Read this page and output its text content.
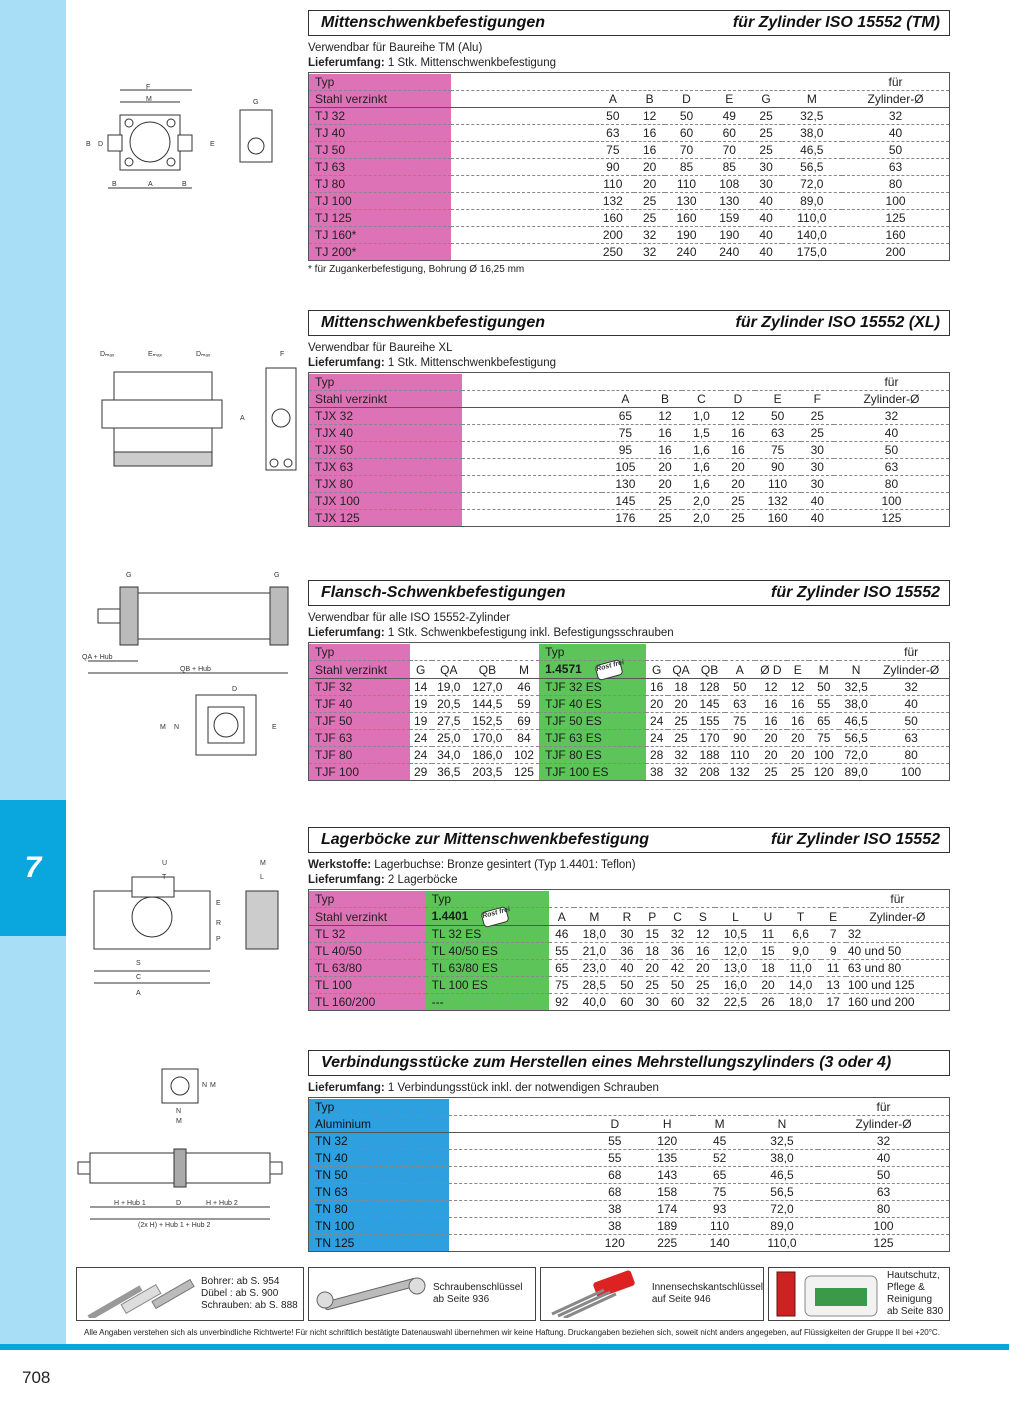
7
Mittenschwenkbefestigungen	für Zylinder ISO 15552 (TM)
Verwendbar für Baureihe TM (Alu)
Lieferumfang: 1 Stk. Mittenschwenkbefestigung
Typ								für
Stahl verzinkt		A	B	D	E	G	M	Zylinder-Ø
TJ 32		50	12	50	49	25	32,5	32
TJ 40		63	16	60	60	25	38,0	40
TJ 50		75	16	70	70	25	46,5	50
TJ 63		90	20	85	85	30	56,5	63
TJ 80		110	20	110	108	30	72,0	80
TJ 100		132	25	130	130	40	89,0	100
TJ 125		160	25	160	159	40	110,0	125
TJ 160*		200	32	190	190	40	140,0	160
TJ 200*		250	32	240	240	40	175,0	200
* für Zugankerbefestigung, Bohrung Ø 16,25 mm
Mittenschwenkbefestigungen	für Zylinder ISO 15552 (XL)
Verwendbar für Baureihe XL
Lieferumfang: 1 Stk. Mittenschwenkbefestigung
Typ								für
Stahl verzinkt		A	B	C	D	E	F	Zylinder-Ø
TJX 32		65	12	1,0	12	50	25	32
TJX 40		75	16	1,5	16	63	25	40
TJX 50		95	16	1,6	16	75	30	50
TJX 63		105	20	1,6	20	90	30	63
TJX 80		130	20	1,6	20	110	30	80
TJX 100		145	25	2,0	25	132	40	100
TJX 125		176	25	2,0	25	160	40	125
Flansch-Schwenkbefestigungen	für Zylinder ISO 15552
Verwendbar für alle ISO 15552-Zylinder
Lieferumfang: 1 Stk. Schwenkbefestigung inkl. Befestigungsschrauben
Typ					Typ									für
Stahl verzinkt	G	QA	QB	M	1.4571 Rost frei	G	QA	QB	A	Ø D	E	M	N	Zylinder-Ø
TJF 32	14	19,0	127,0	46	TJF 32 ES	16	18	128	50	12	12	50	32,5	32
TJF 40	19	20,5	144,5	59	TJF 40 ES	20	20	145	63	16	16	55	38,0	40
TJF 50	19	27,5	152,5	69	TJF 50 ES	24	25	155	75	16	16	65	46,5	50
TJF 63	24	25,0	170,0	84	TJF 63 ES	24	25	170	90	20	20	75	56,5	63
TJF 80	24	34,0	186,0	102	TJF 80 ES	28	32	188	110	20	20	100	72,0	80
TJF 100	29	36,5	203,5	125	TJF 100 ES	38	32	208	132	25	25	120	89,0	100
Lagerböcke zur Mittenschwenkbefestigung	für Zylinder ISO 15552
Werkstoffe: Lagerbuchse: Bronze gesintert (Typ 1.4401: Teflon)
Lieferumfang: 2 Lagerböcke
Typ	Typ											für
Stahl verzinkt	1.4401 Rost frei	A	M	R	P	C	S	L	U	T	E	Zylinder-Ø
TL 32	TL 32 ES	46	18,0	30	15	32	12	10,5	11	6,6	7	32
TL 40/50	TL 40/50 ES	55	21,0	36	18	36	16	12,0	15	9,0	9	40 und 50
TL 63/80	TL 63/80 ES	65	23,0	40	20	42	20	13,0	18	11,0	11	63 und 80
TL 100	TL 100 ES	75	28,5	50	25	50	25	16,0	20	14,0	13	100 und 125
TL 160/200	---	92	40,0	60	30	60	32	22,5	26	18,0	17	160 und 200
Verbindungsstücke zum Herstellen eines Mehrstellungszylinders (3 oder 4)
Lieferumfang: 1 Verbindungsstück inkl. der notwendigen Schrauben
Typ						für
Aluminium		D	H	M	N	Zylinder-Ø
TN 32		55	120	45	32,5	32
TN 40		55	135	52	38,0	40
TN 50		68	143	65	46,5	50
TN 63		68	158	75	56,5	63
TN 80		38	174	93	72,0	80
TN 100		38	189	110	89,0	100
TN 125		120	225	140	110,0	125
F
M	G
B D	E
B	A	B
Dₘₐₓ	Eₘₐₓ	Dₘₐₓ	F
A
G	G
QA + Hub
QB + Hub
D
M N	E
U
T
M
L
E
R
P
S
C
A
N M
N
M
H + Hub 1	D	H + Hub 2
(2x H) + Hub 1 + Hub 2
Bohrer: ab S. 954
Dübel : ab S. 900
Schrauben: ab S. 888
Schraubenschlüssel
ab Seite 936
Innensechskantschlüssel
auf Seite 946
Hautschutz,
Pflege & Reinigung
ab Seite 830
Alle Angaben verstehen sich als unverbindliche Richtwerte! Für nicht schriftlich bestätigte Datenauswahl übernehmen wir keine Haftung. Druckangaben beziehen sich, soweit nicht anders angegeben, auf Flüssigkeiten der Gruppe II bei +20°C.
708
